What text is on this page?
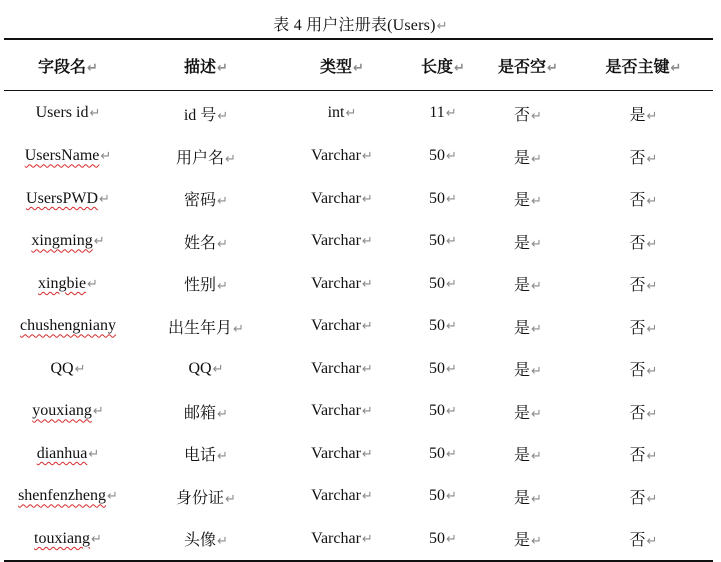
表 4 用户注册表(Users)↵
字段名↵	描述↵	类型↵	长度↵	是否空↵	是否主键↵
Users id↵	id 号↵	int↵	11↵	否↵	是↵
UsersName↵	用户名↵	Varchar↵	50↵	是↵	否↵
UsersPWD↵	密码↵	Varchar↵	50↵	是↵	否↵
xingming↵	姓名↵	Varchar↵	50↵	是↵	否↵
xingbie↵	性别↵	Varchar↵	50↵	是↵	否↵
chushengniany	出生年月↵	Varchar↵	50↵	是↵	否↵
QQ↵	QQ↵	Varchar↵	50↵	是↵	否↵
youxiang↵	邮箱↵	Varchar↵	50↵	是↵	否↵
dianhua↵	电话↵	Varchar↵	50↵	是↵	否↵
shenfenzheng↵	身份证↵	Varchar↵	50↵	是↵	否↵
touxiang↵	头像↵	Varchar↵	50↵	是↵	否↵
